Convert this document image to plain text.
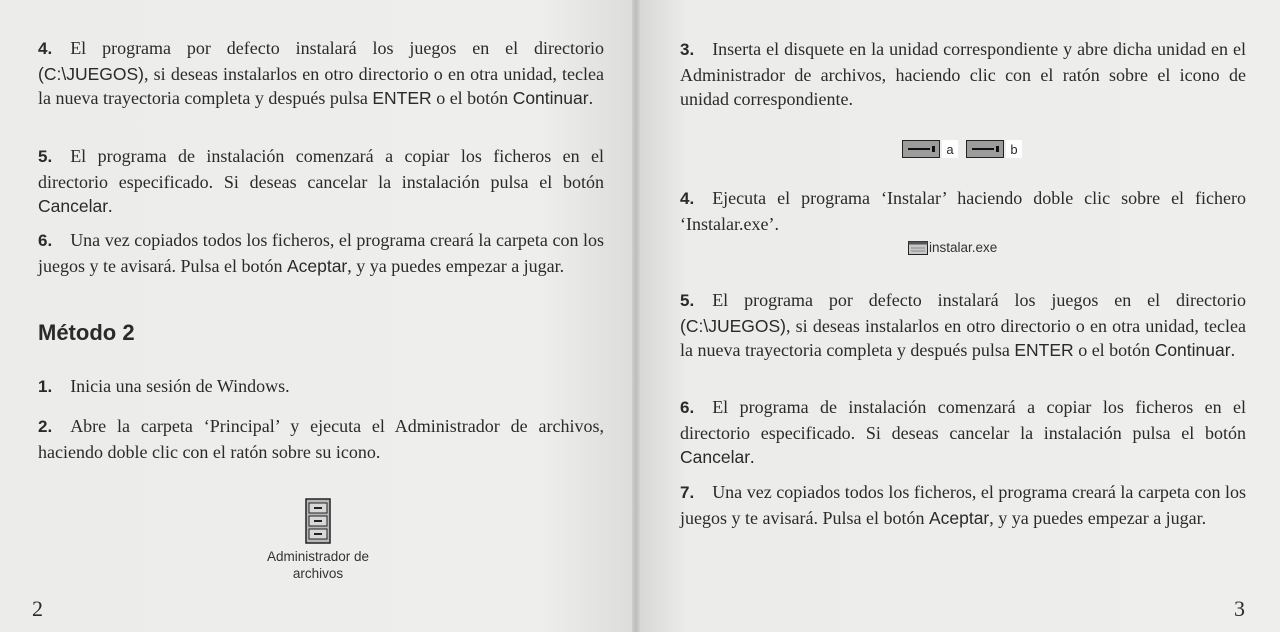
4.  El programa por defecto instalará los juegos en el directorio (C:\JUEGOS), si deseas instalarlos en otro directorio o en otra unidad, teclea la nueva trayectoria completa y después pulsa ENTER o el botón Continuar.

5.  El programa de instalación comenzará a copiar los ficheros en el directorio especificado. Si deseas cancelar la instalación pulsa el botón Cancelar.

6.  Una vez copiados todos los ficheros, el programa creará la carpeta con los juegos y te avisará. Pulsa el botón Aceptar, y ya puedes empezar a jugar.

Método 2

1.  Inicia una sesión de Windows.

2.  Abre la carpeta ‘Principal’ y ejecuta el Administrador de archivos, haciendo doble clic con el ratón sobre su icono.

Administrador de
archivos
2

3.  Inserta el disquete en la unidad correspondiente y abre dicha unidad en el Administrador de archivos, haciendo clic con el ratón sobre el icono de unidad correspondiente.

a
	b

4.  Ejecuta el programa ‘Instalar’ haciendo doble clic sobre el fichero ‘Instalar.exe’.

instalar.exe

5.  El programa por defecto instalará los juegos en el directorio (C:\JUEGOS), si deseas instalarlos en otro directorio o en otra unidad, teclea la nueva trayectoria completa y después pulsa ENTER o el botón Continuar.

6.  El programa de instalación comenzará a copiar los ficheros en el directorio especificado. Si deseas cancelar la instalación pulsa el botón Cancelar.

7.  Una vez copiados todos los ficheros, el programa creará la carpeta con los juegos y te avisará. Pulsa el botón Aceptar, y ya puedes empezar a jugar.

3
